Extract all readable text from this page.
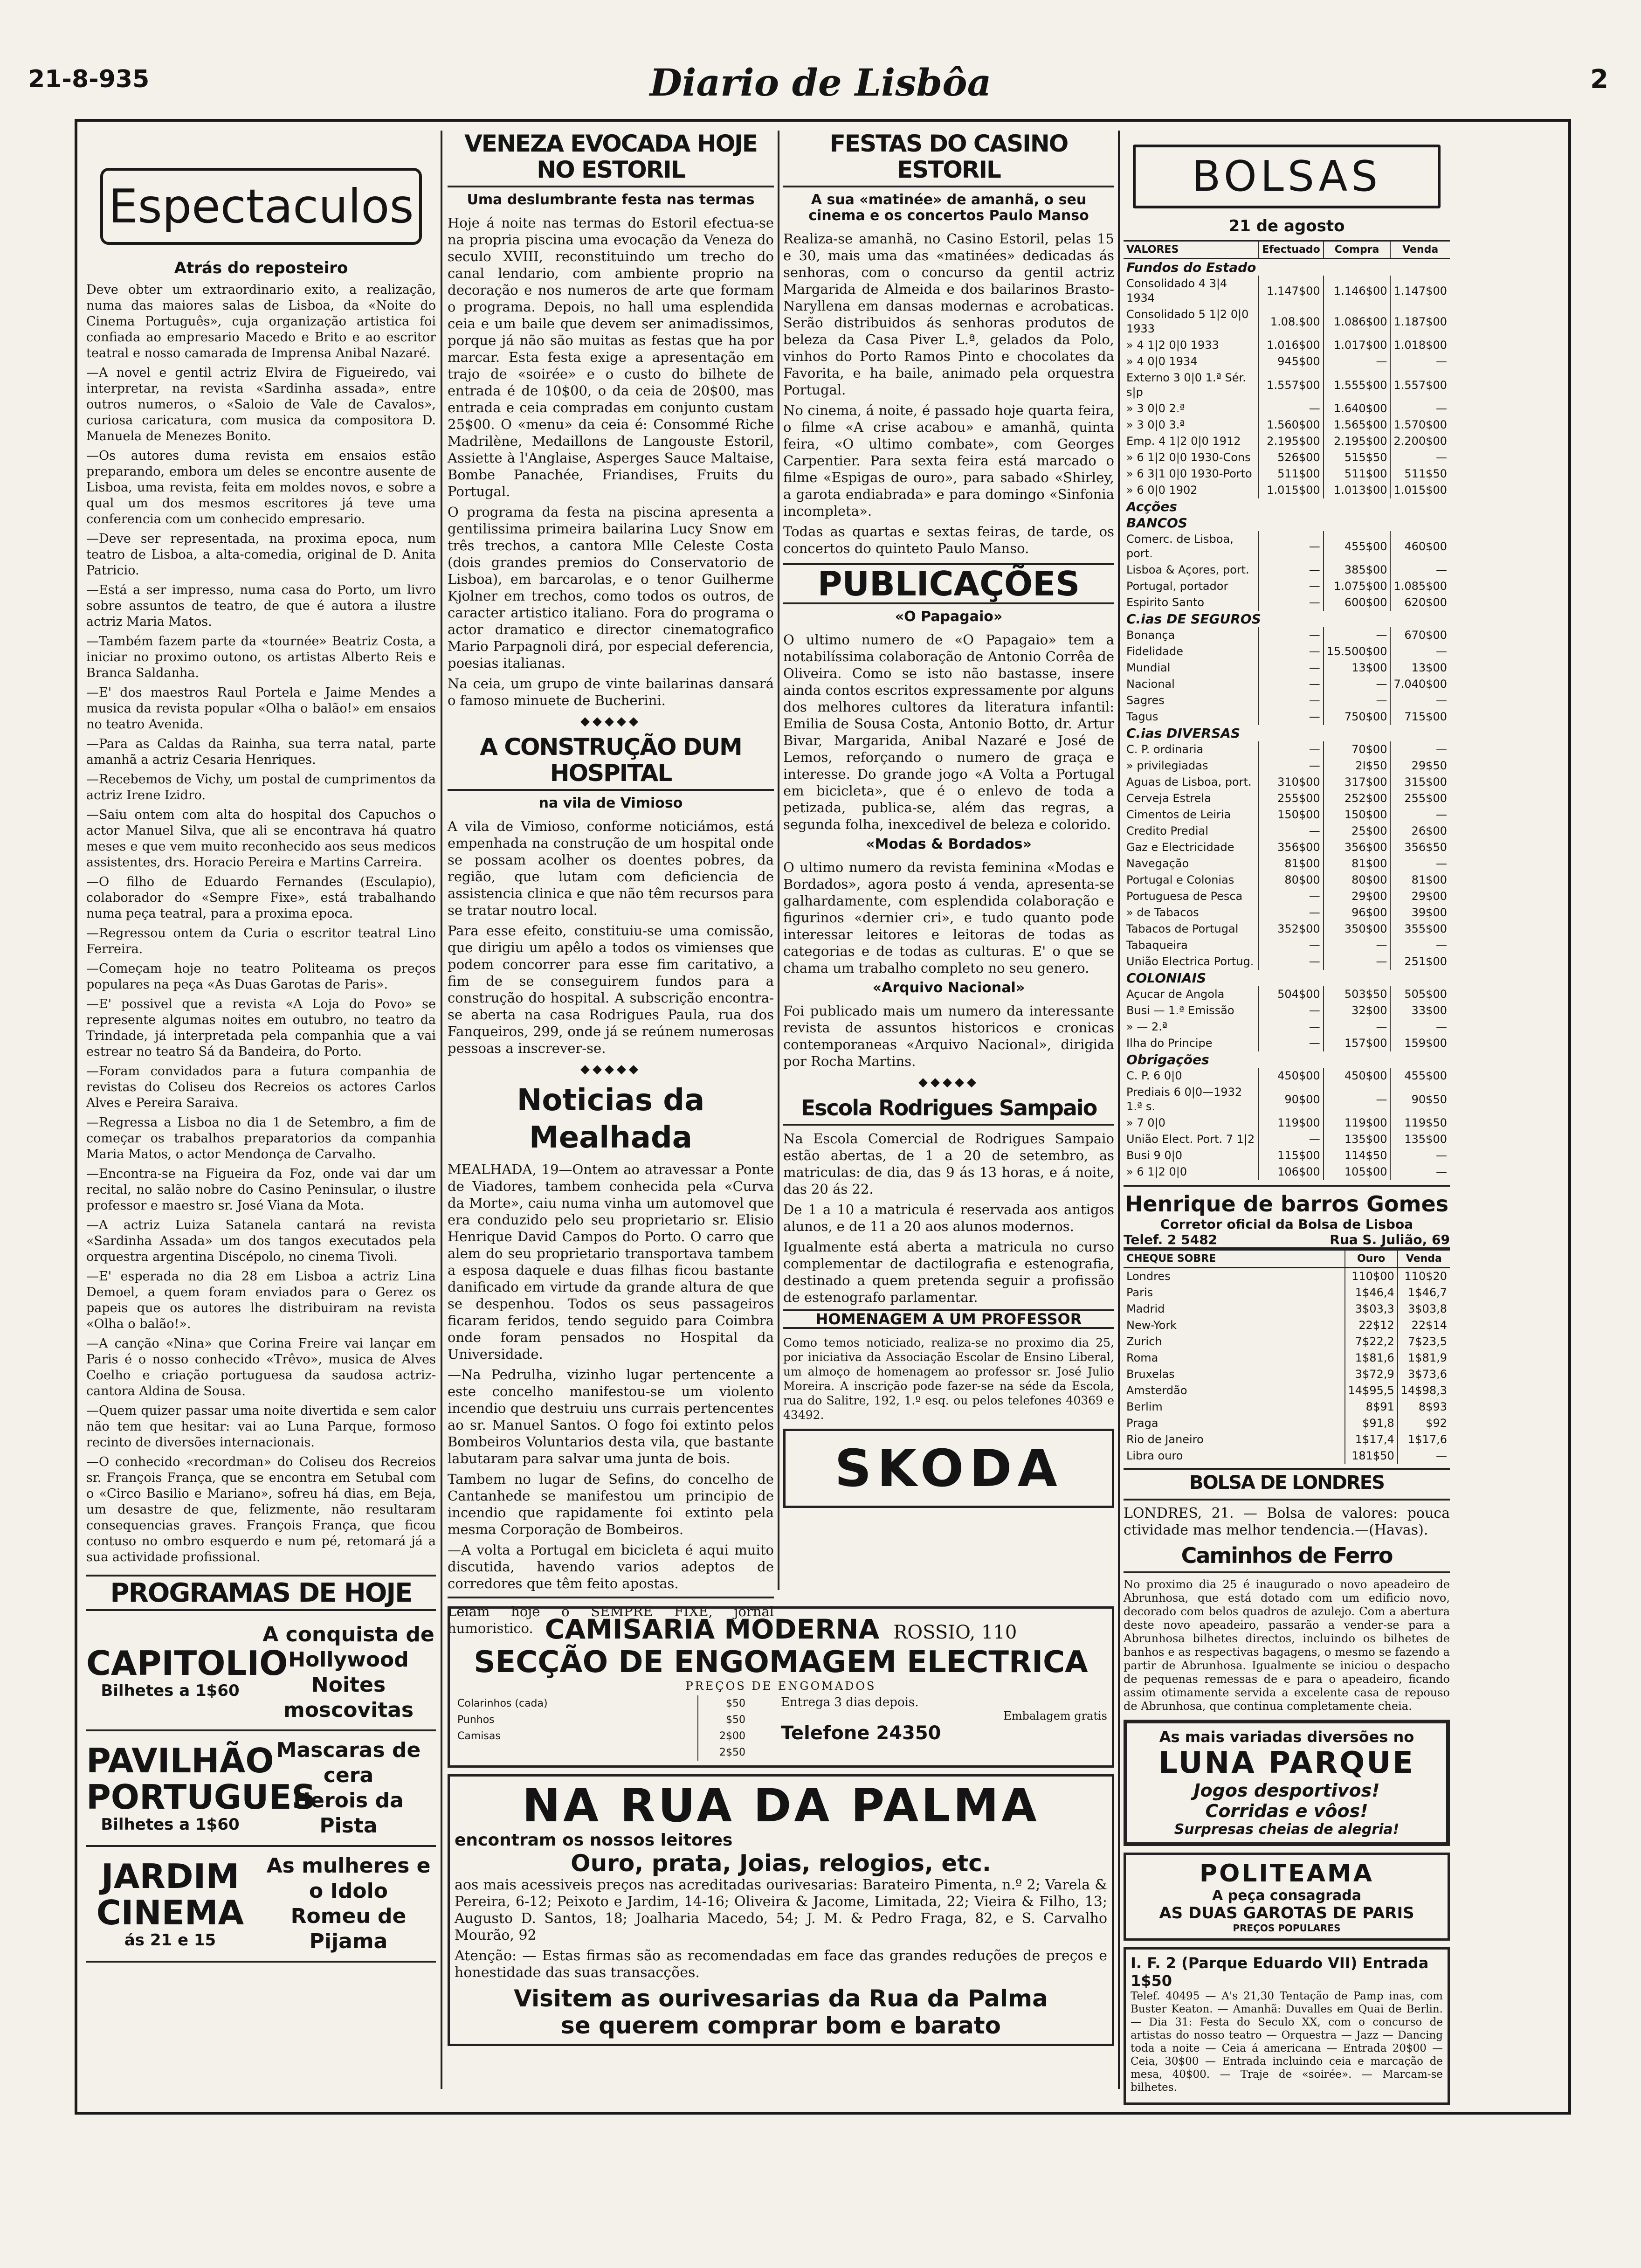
21-8-935	Diario de Lisbôa	2
Espectaculos
Atrás do reposteiro

Deve obter um extraordinario exito, a realização, numa das maiores salas de Lisboa, da «Noite do Cinema Português», cuja organização artistica foi confiada ao empresario Macedo e Brito e ao escritor teatral e nosso camarada de Imprensa Anibal Nazaré.

—A novel e gentil actriz Elvira de Figueiredo, vai interpretar, na revista «Sardinha assada», entre outros numeros, o «Saloio de Vale de Cavalos», curiosa caricatura, com musica da compositora D. Manuela de Menezes Bonito.

—Os autores duma revista em ensaios estão preparando, embora um deles se encontre ausente de Lisboa, uma revista, feita em moldes novos, e sobre a qual um dos mesmos escritores já teve uma conferencia com um conhecido empresario.

—Deve ser representada, na proxima epoca, num teatro de Lisboa, a alta-comedia, original de D. Anita Patricio.

—Está a ser impresso, numa casa do Porto, um livro sobre assuntos de teatro, de que é autora a ilustre actriz Maria Matos.

—Também fazem parte da «tournée» Beatriz Costa, a iniciar no proximo outono, os artistas Alberto Reis e Branca Saldanha.

—E' dos maestros Raul Portela e Jaime Mendes a musica da revista popular «Olha o balão!» em ensaios no teatro Avenida.

—Para as Caldas da Rainha, sua terra natal, parte amanhã a actriz Cesaria Henriques.

—Recebemos de Vichy, um postal de cumprimentos da actriz Irene Izidro.

—Saiu ontem com alta do hospital dos Capuchos o actor Manuel Silva, que ali se encontrava há quatro meses e que vem muito reconhecido aos seus medicos assistentes, drs. Horacio Pereira e Martins Carreira.

—O filho de Eduardo Fernandes (Esculapio), colaborador do «Sempre Fixe», está trabalhando numa peça teatral, para a proxima epoca.

—Regressou ontem da Curia o escritor teatral Lino Ferreira.

—Começam hoje no teatro Politeama os preços populares na peça «As Duas Garotas de Paris».

—E' possivel que a revista «A Loja do Povo» se represente algumas noites em outubro, no teatro da Trindade, já interpretada pela companhia que a vai estrear no teatro Sá da Bandeira, do Porto.

—Foram convidados para a futura companhia de revistas do Coliseu dos Recreios os actores Carlos Alves e Pereira Saraiva.

—Regressa a Lisboa no dia 1 de Setembro, a fim de começar os trabalhos preparatorios da companhia Maria Matos, o actor Mendonça de Carvalho.

—Encontra-se na Figueira da Foz, onde vai dar um recital, no salão nobre do Casino Peninsular, o ilustre professor e maestro sr. José Viana da Mota.

—A actriz Luiza Satanela cantará na revista «Sardinha Assada» um dos tangos executados pela orquestra argentina Discépolo, no cinema Tivoli.

—E' esperada no dia 28 em Lisboa a actriz Lina Demoel, a quem foram enviados para o Gerez os papeis que os autores lhe distribuiram na revista «Olha o balão!».

—A canção «Nina» que Corina Freire vai lançar em Paris é o nosso conhecido «Trêvo», musica de Alves Coelho e criação portuguesa da saudosa actriz-cantora Aldina de Sousa.

—Quem quizer passar uma noite divertida e sem calor não tem que hesitar: vai ao Luna Parque, formoso recinto de diversões internacionais.

—O conhecido «recordman» do Coliseu dos Recreios sr. François França, que se encontra em Setubal com o «Circo Basilio e Mariano», sofreu há dias, em Beja, um desastre de que, felizmente, não resultaram consequencias graves. François França, que ficou contuso no ombro esquerdo e num pé, retomará já a sua actividade profissional.

PROGRAMAS DE HOJE
CAPITOLIO
Bilhetes a 1$60
A conquista de Hollywood
Noites moscovitas
PAVILHÃO PORTUGUES
Bilhetes a 1$60
Mascaras de cera
Herois da Pista
JARDIM CINEMA
ás 21 e 15
As mulheres e o Idolo
Romeu de Pijama
VENEZA EVOCADA HOJE NO ESTORIL
Uma deslumbrante festa nas termas

Hoje á noite nas termas do Estoril efectua-se na propria piscina uma evocação da Veneza do seculo XVIII, reconstituindo um trecho do canal lendario, com ambiente proprio na decoração e nos numeros de arte que formam o programa. Depois, no hall uma esplendida ceia e um baile que devem ser animadissimos, porque já não são muitas as festas que ha por marcar. Esta festa exige a apresentação em trajo de «soirée» e o custo do bilhete de entrada é de 10$00, o da ceia de 20$00, mas entrada e ceia compradas em conjunto custam 25$00. O «menu» da ceia é: Consommé Riche Madrilène, Medaillons de Langouste Estoril, Assiette à l'Anglaise, Asperges Sauce Maltaise, Bombe Panachée, Friandises, Fruits du Portugal.

O programa da festa na piscina apresenta a gentilissima primeira bailarina Lucy Snow em três trechos, a cantora Mlle Celeste Costa (dois grandes premios do Conservatorio de Lisboa), em barcarolas, e o tenor Guilherme Kjolner em trechos, como todos os outros, de caracter artistico italiano. Fora do programa o actor dramatico e director cinematografico Mario Parpagnoli dirá, por especial deferencia, poesias italianas.

Na ceia, um grupo de vinte bailarinas dansará o famoso minuete de Bucherini.

◆◆◆◆◆
A CONSTRUÇÃO DUM HOSPITAL
na vila de Vimioso

A vila de Vimioso, conforme noticiámos, está empenhada na construção de um hospital onde se possam acolher os doentes pobres, da região, que lutam com deficiencia de assistencia clinica e que não têm recursos para se tratar noutro local.

Para esse efeito, constituiu-se uma comissão, que dirigiu um apêlo a todos os vimienses que podem concorrer para esse fim caritativo, a fim de se conseguirem fundos para a construção do hospital. A subscrição encontra-se aberta na casa Rodrigues Paula, rua dos Fanqueiros, 299, onde já se reúnem numerosas pessoas a inscrever-se.

◆◆◆◆◆
Noticias da Mealhada

MEALHADA, 19—Ontem ao atravessar a Ponte de Viadores, tambem conhecida pela «Curva da Morte», caiu numa vinha um automovel que era conduzido pelo seu proprietario sr. Elisio Henrique David Campos do Porto. O carro que alem do seu proprietario transportava tambem a esposa daquele e duas filhas ficou bastante danificado em virtude da grande altura de que se despenhou. Todos os seus passageiros ficaram feridos, tendo seguido para Coimbra onde foram pensados no Hospital da Universidade.

—Na Pedrulha, vizinho lugar pertencente a este concelho manifestou-se um violento incendio que destruiu uns currais pertencentes ao sr. Manuel Santos. O fogo foi extinto pelos Bombeiros Voluntarios desta vila, que bastante labutaram para salvar uma junta de bois.

Tambem no lugar de Sefins, do concelho de Cantanhede se manifestou um principio de incendio que rapidamente foi extinto pela mesma Corporação de Bombeiros.

—A volta a Portugal em bicicleta é aqui muito discutida, havendo varios adeptos de corredores que têm feito apostas.

Leiam hoje o SEMPRE FIXE, jornal humoristico.

FESTAS DO CASINO ESTORIL
A sua «matinée» de amanhã, o seu cinema e os concertos Paulo Manso

Realiza-se amanhã, no Casino Estoril, pelas 15 e 30, mais uma das «matinées» dedicadas ás senhoras, com o concurso da gentil actriz Margarida de Almeida e dos bailarinos Brasto-Naryllena em dansas modernas e acrobaticas. Serão distribuidos ás senhoras produtos de beleza da Casa Piver L.ª, gelados da Polo, vinhos do Porto Ramos Pinto e chocolates da Favorita, e ha baile, animado pela orquestra Portugal.

No cinema, á noite, é passado hoje quarta feira, o filme «A crise acabou» e amanhã, quinta feira, «O ultimo combate», com Georges Carpentier. Para sexta feira está marcado o filme «Espigas de ouro», para sabado «Shirley, a garota endiabrada» e para domingo «Sinfonia incompleta».

Todas as quartas e sextas feiras, de tarde, os concertos do quinteto Paulo Manso.

PUBLICAÇÕES
«O Papagaio»

O ultimo numero de «O Papagaio» tem a notabilíssima colaboração de Antonio Corrêa de Oliveira. Como se isto não bastasse, insere ainda contos escritos expressamente por alguns dos melhores cultores da literatura infantil: Emilia de Sousa Costa, Antonio Botto, dr. Artur Bivar, Margarida, Anibal Nazaré e José de Lemos, reforçando o numero de graça e interesse. Do grande jogo «A Volta a Portugal em bicicleta», que é o enlevo de toda a petizada, publica-se, além das regras, a segunda folha, inexcedivel de beleza e colorido.

«Modas & Bordados»

O ultimo numero da revista feminina «Modas e Bordados», agora posto á venda, apresenta-se galhardamente, com esplendida colaboração e figurinos «dernier cri», e tudo quanto pode interessar leitores e leitoras de todas as categorias e de todas as culturas. E' o que se chama um trabalho completo no seu genero.

«Arquivo Nacional»

Foi publicado mais um numero da interessante revista de assuntos historicos e cronicas contemporaneas «Arquivo Nacional», dirigida por Rocha Martins.

◆◆◆◆◆
Escola Rodrigues Sampaio

Na Escola Comercial de Rodrigues Sampaio estão abertas, de 1 a 20 de setembro, as matriculas: de dia, das 9 ás 13 horas, e á noite, das 20 ás 22.

De 1 a 10 a matricula é reservada aos antigos alunos, e de 11 a 20 aos alunos modernos.

Igualmente está aberta a matricula no curso complementar de dactilografia e estenografia, destinado a quem pretenda seguir a profissão de estenografo parlamentar.

HOMENAGEM A UM PROFESSOR

Como temos noticiado, realiza-se no proximo dia 25, por iniciativa da Associação Escolar de Ensino Liberal, um almoço de homenagem ao professor sr. José Julio Moreira. A inscrição pode fazer-se na séde da Escola, rua do Salitre, 192, 1.º esq. ou pelos telefones 40369 e 43492.

SKODA
BOLSAS
21 de agosto
VALORES	Efectuado	Compra	Venda
Fundos do Estado			
Consolidado 4 3|4 1934	1.147$00	1.146$00	1.147$00
Consolidado 5 1|2 0|0 1933	1.08.$00	1.086$00	1.187$00
» 4 1|2 0|0 1933	1.016$00	1.017$00	1.018$00
» 4 0|0 1934	945$00	—	—
Externo 3 0|0 1.ª Sér. s|p	1.557$00	1.555$00	1.557$00
» 3 0|0 2.ª	—	1.640$00	—
» 3 0|0 3.ª	1.560$00	1.565$00	1.570$00
Emp. 4 1|2 0|0 1912	2.195$00	2.195$00	2.200$00
» 6 1|2 0|0 1930-Cons	526$00	515$50	—
» 6 3|1 0|0 1930-Porto	511$00	511$00	511$50
» 6 0|0 1902	1.015$00	1.013$00	1.015$00
Acções			
BANCOS			
Comerc. de Lisboa, port.	—	455$00	460$00
Lisboa & Açores, port.	—	385$00	—
Portugal, portador	—	1.075$00	1.085$00
Espirito Santo	—	600$00	620$00
C.ias DE SEGUROS			
Bonança	—	—	670$00
Fidelidade	—	15.500$00	—
Mundial	—	13$00	13$00
Nacional	—	—	7.040$00
Sagres	—	—	—
Tagus	—	750$00	715$00
C.ias DIVERSAS			
C. P. ordinaria	—	70$00	—
» privilegiadas	—	2I$50	29$50
Aguas de Lisboa, port.	310$00	317$00	315$00
Cerveja Estrela	255$00	252$00	255$00
Cimentos de Leiria	150$00	150$00	—
Credito Predial	—	25$00	26$00
Gaz e Electricidade	356$00	356$00	356$50
Navegação	81$00	81$00	—
Portugal e Colonias	80$00	80$00	81$00
Portuguesa de Pesca	—	29$00	29$00
» de Tabacos	—	96$00	39$00
Tabacos de Portugal	352$00	350$00	355$00
Tabaqueira	—	—	—
União Electrica Portug.	—	—	251$00
COLONIAIS			
Açucar de Angola	504$00	503$50	505$00
Busi — 1.ª Emissão	—	32$00	33$00
» — 2.ª	—	—	—
Ilha do Principe	—	157$00	159$00
Obrigações			
C. P. 6 0|0	450$00	450$00	455$00
Prediais 6 0|0—1932 1.ª s.	90$00	—	90$50
» 7 0|0	119$00	119$00	119$50
União Elect. Port. 7 1|2	—	135$00	135$00
Busi 9 0|0	115$00	114$50	—
» 6 1|2 0|0	106$00	105$00	—
Henrique de barros Gomes
Corretor oficial da Bolsa de Lisboa
Telef. 2 5482	Rua S. Julião, 69
CHEQUE SOBRE	Ouro	Venda
Londres	110$00	110$20
Paris	1$46,4	1$46,7
Madrid	3$03,3	3$03,8
New-York	22$12	22$14
Zurich	7$22,2	7$23,5
Roma	1$81,6	1$81,9
Bruxelas	3$72,9	3$73,6
Amsterdão	14$95,5	14$98,3
Berlim	8$91	8$93
Praga	$91,8	$92
Rio de Janeiro	1$17,4	1$17,6
Libra ouro	181$50	—
BOLSA DE LONDRES

LONDRES, 21. — Bolsa de valores: pouca ctividade mas melhor tendencia.—(Havas).

Caminhos de Ferro

No proximo dia 25 é inaugurado o novo apeadeiro de Abrunhosa, que está dotado com um edificio novo, decorado com belos quadros de azulejo. Com a abertura deste novo apeadeiro, passarão a vender-se para a Abrunhosa bilhetes directos, incluindo os bilhetes de banhos e as respectivas bagagens, o mesmo se fazendo a partir de Abrunhosa. Igualmente se iniciou o despacho de pequenas remessas de e para o apeadeiro, ficando assim otimamente servida a excelente casa de repouso de Abrunhosa, que continua completamente cheia.

As mais variadas diversões no
LUNA PARQUE
Jogos desportivos!
Corridas e vôos!
Surpresas cheias de alegria!
POLITEAMA
A peça consagrada
AS DUAS GAROTAS DE PARIS
PREÇOS POPULARES
I. F. 2 (Parque Eduardo VII) Entrada 1$50

Telef. 40495 — A's 21,30 Tentação de Pamp inas, com Buster Keaton. — Amanhã: Duvalles em Quai de Berlin. — Dia 31: Festa do Seculo XX, com o concurso de artistas do nosso teatro — Orquestra — Jazz — Dancing toda a noite — Ceia á americana — Entrada 20$00 — Ceia, 30$00 — Entrada incluindo ceia e marcação de mesa, 40$00. — Traje de «soirée». — Marcam-se bilhetes.

CAMISARIA MODERNA ROSSIO, 110
SECÇÃO DE ENGOMAGEM ELECTRICA
PREÇOS DE ENGOMADOS
Colarinhos (cada)	$50
Punhos	$50
Camisas	2$00
	2$50
Entrega 3 dias depois.
Embalagem gratis
Telefone 24350
NA RUA DA PALMA
encontram os nossos leitores
Ouro, prata, Joias, relogios, etc.

aos mais acessiveis preços nas acreditadas ourivesarias: Barateiro Pimenta, n.º 2; Varela & Pereira, 6-12; Peixoto e Jardim, 14-16; Oliveira & Jacome, Limitada, 22; Vieira & Filho, 13; Augusto D. Santos, 18; Joalharia Macedo, 54; J. M. & Pedro Fraga, 82, e S. Carvalho Mourão, 92

Atenção: — Estas firmas são as recomendadas em face das grandes reduções de preços e honestidade das suas transacções.

Visitem as ourivesarias da Rua da Palma
se querem comprar bom e barato
